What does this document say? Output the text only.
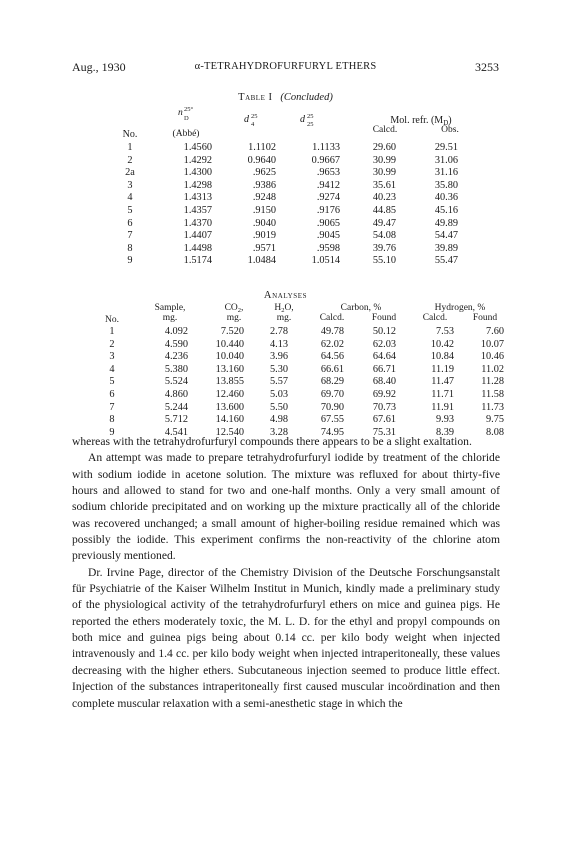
Aug., 1930	α-TETRAHYDROFURFURYL ETHERS	3253
Table I (Concluded)
No.
n 25°
D
(Abbé)
d 25
4	d 25
25	Mol. refr. $(M_D)$
Calcd.	Obs.
1		1.4560		1.1102		1.1133		29.60		29.51
2		1.4292		0.9640		0.9667		30.99		31.06
2a		1.4300		.9625		.9653		30.99		31.16
3		1.4298		.9386		.9412		35.61		35.80
4		1.4313		.9248		.9274		40.23		40.36
5		1.4357		.9150		.9176		44.85		45.16
6		1.4370		.9040		.9065		49.47		49.89
7		1.4407		.9019		.9045		54.08		54.47
8		1.4498		.9571		.9598		39.76		39.89
9		1.5174		1.0484		1.0514		55.10		55.47
Analyses
No.
Sample,
mg.
$CO_2$,
mg.
$H_2O$,
mg.
Carbon, %
Calcd.	Found
Hydrogen, %
Calcd.	Found
1		4.092		7.520		2.78		49.78		50.12		7.53		7.60
2		4.590		10.440		4.13		62.02		62.03		10.42		10.07
3		4.236		10.040		3.96		64.56		64.64		10.84		10.46
4		5.380		13.160		5.30		66.61		66.71		11.19		11.02
5		5.524		13.855		5.57		68.29		68.40		11.47		11.28
6		4.860		12.460		5.03		69.70		69.92		11.71		11.58
7		5.244		13.600		5.50		70.90		70.73		11.91		11.73
8		5.712		14.160		4.98		67.55		67.61		9.93		9.75
9		4.541		12.540		3.28		74.95		75.31		8.39		8.08

whereas with the tetrahydrofurfuryl compounds there appears to be a slight exaltation.

An attempt was made to prepare tetrahydrofurfuryl iodide by treatment of the chloride with sodium iodide in acetone solution. The mixture was refluxed for about thirty-five hours and allowed to stand for two and one-half months. Only a very small amount of sodium chloride precipitated and on working up the mixture practically all of the chloride was recovered unchanged; a small amount of higher-boiling residue remained which was possibly the iodide. This experiment confirms the non-reactivity of the chlorine atom previously mentioned.

Dr. Irvine Page, director of the Chemistry Division of the Deutsche Forschungsanstalt für Psychiatrie of the Kaiser Wilhelm Institut in Munich, kindly made a preliminary study of the physiological activity of the tetrahydrofurfuryl ethers on mice and guinea pigs. He reported the ethers moderately toxic, the M. L. D. for the ethyl and propyl compounds on both mice and guinea pigs being about 0.14 cc. per kilo body weight when injected intravenously and 1.4 cc. per kilo body weight when injected intraperitoneally, these values decreasing with the higher ethers. Subcutaneous injection seemed to produce little effect. Injection of the substances intraperitoneally first caused muscular incoördination and then complete muscular relaxation with a semi-anesthetic stage in which the
